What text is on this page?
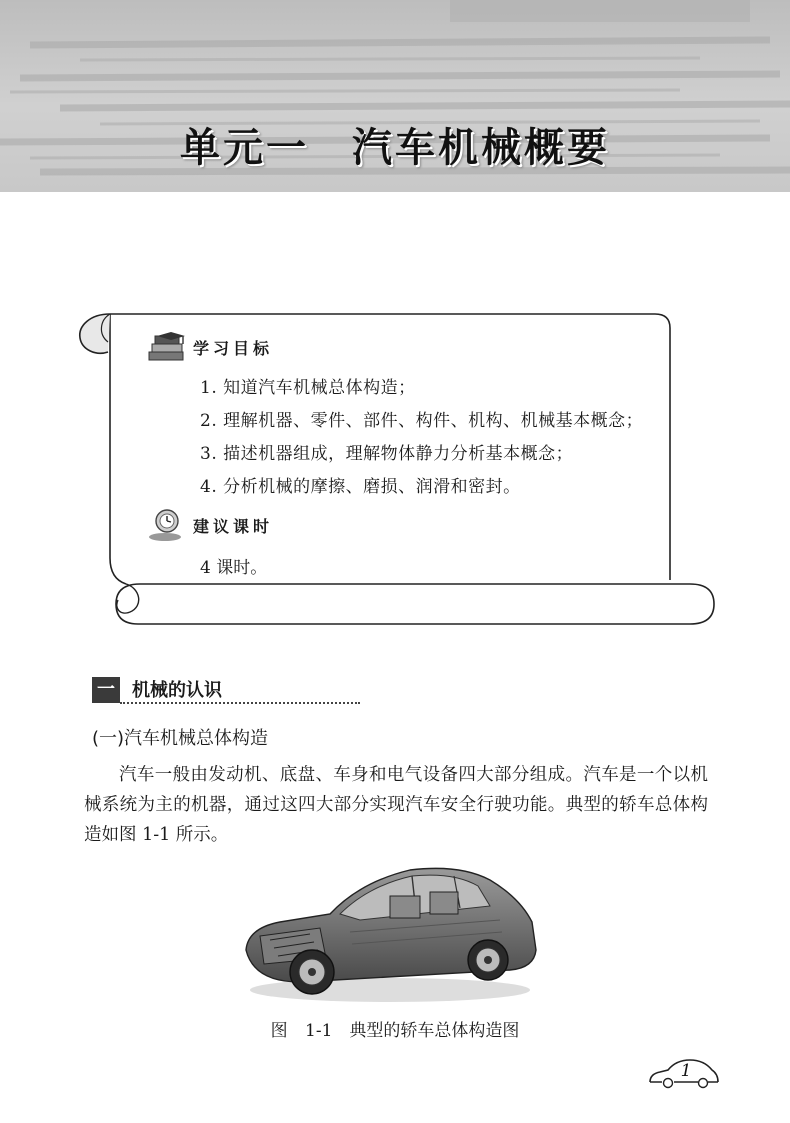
单元一　汽车机械概要
学习目标
1. 知道汽车机械总体构造；
2. 理解机器、零件、部件、构件、机构、机械基本概念；
3. 描述机器组成，理解物体静力分析基本概念；
4. 分析机械的摩擦、磨损、润滑和密封。
建议课时
4 课时。
一 机械的认识
(一)汽车机械总体构造

汽车一般由发动机、底盘、车身和电气设备四大部分组成。汽车是一个以机械系统为主的机器，通过这四大部分实现汽车安全行驶功能。典型的轿车总体构造如图 1-1 所示。

图 1-1　典型的轿车总体构造图
1
